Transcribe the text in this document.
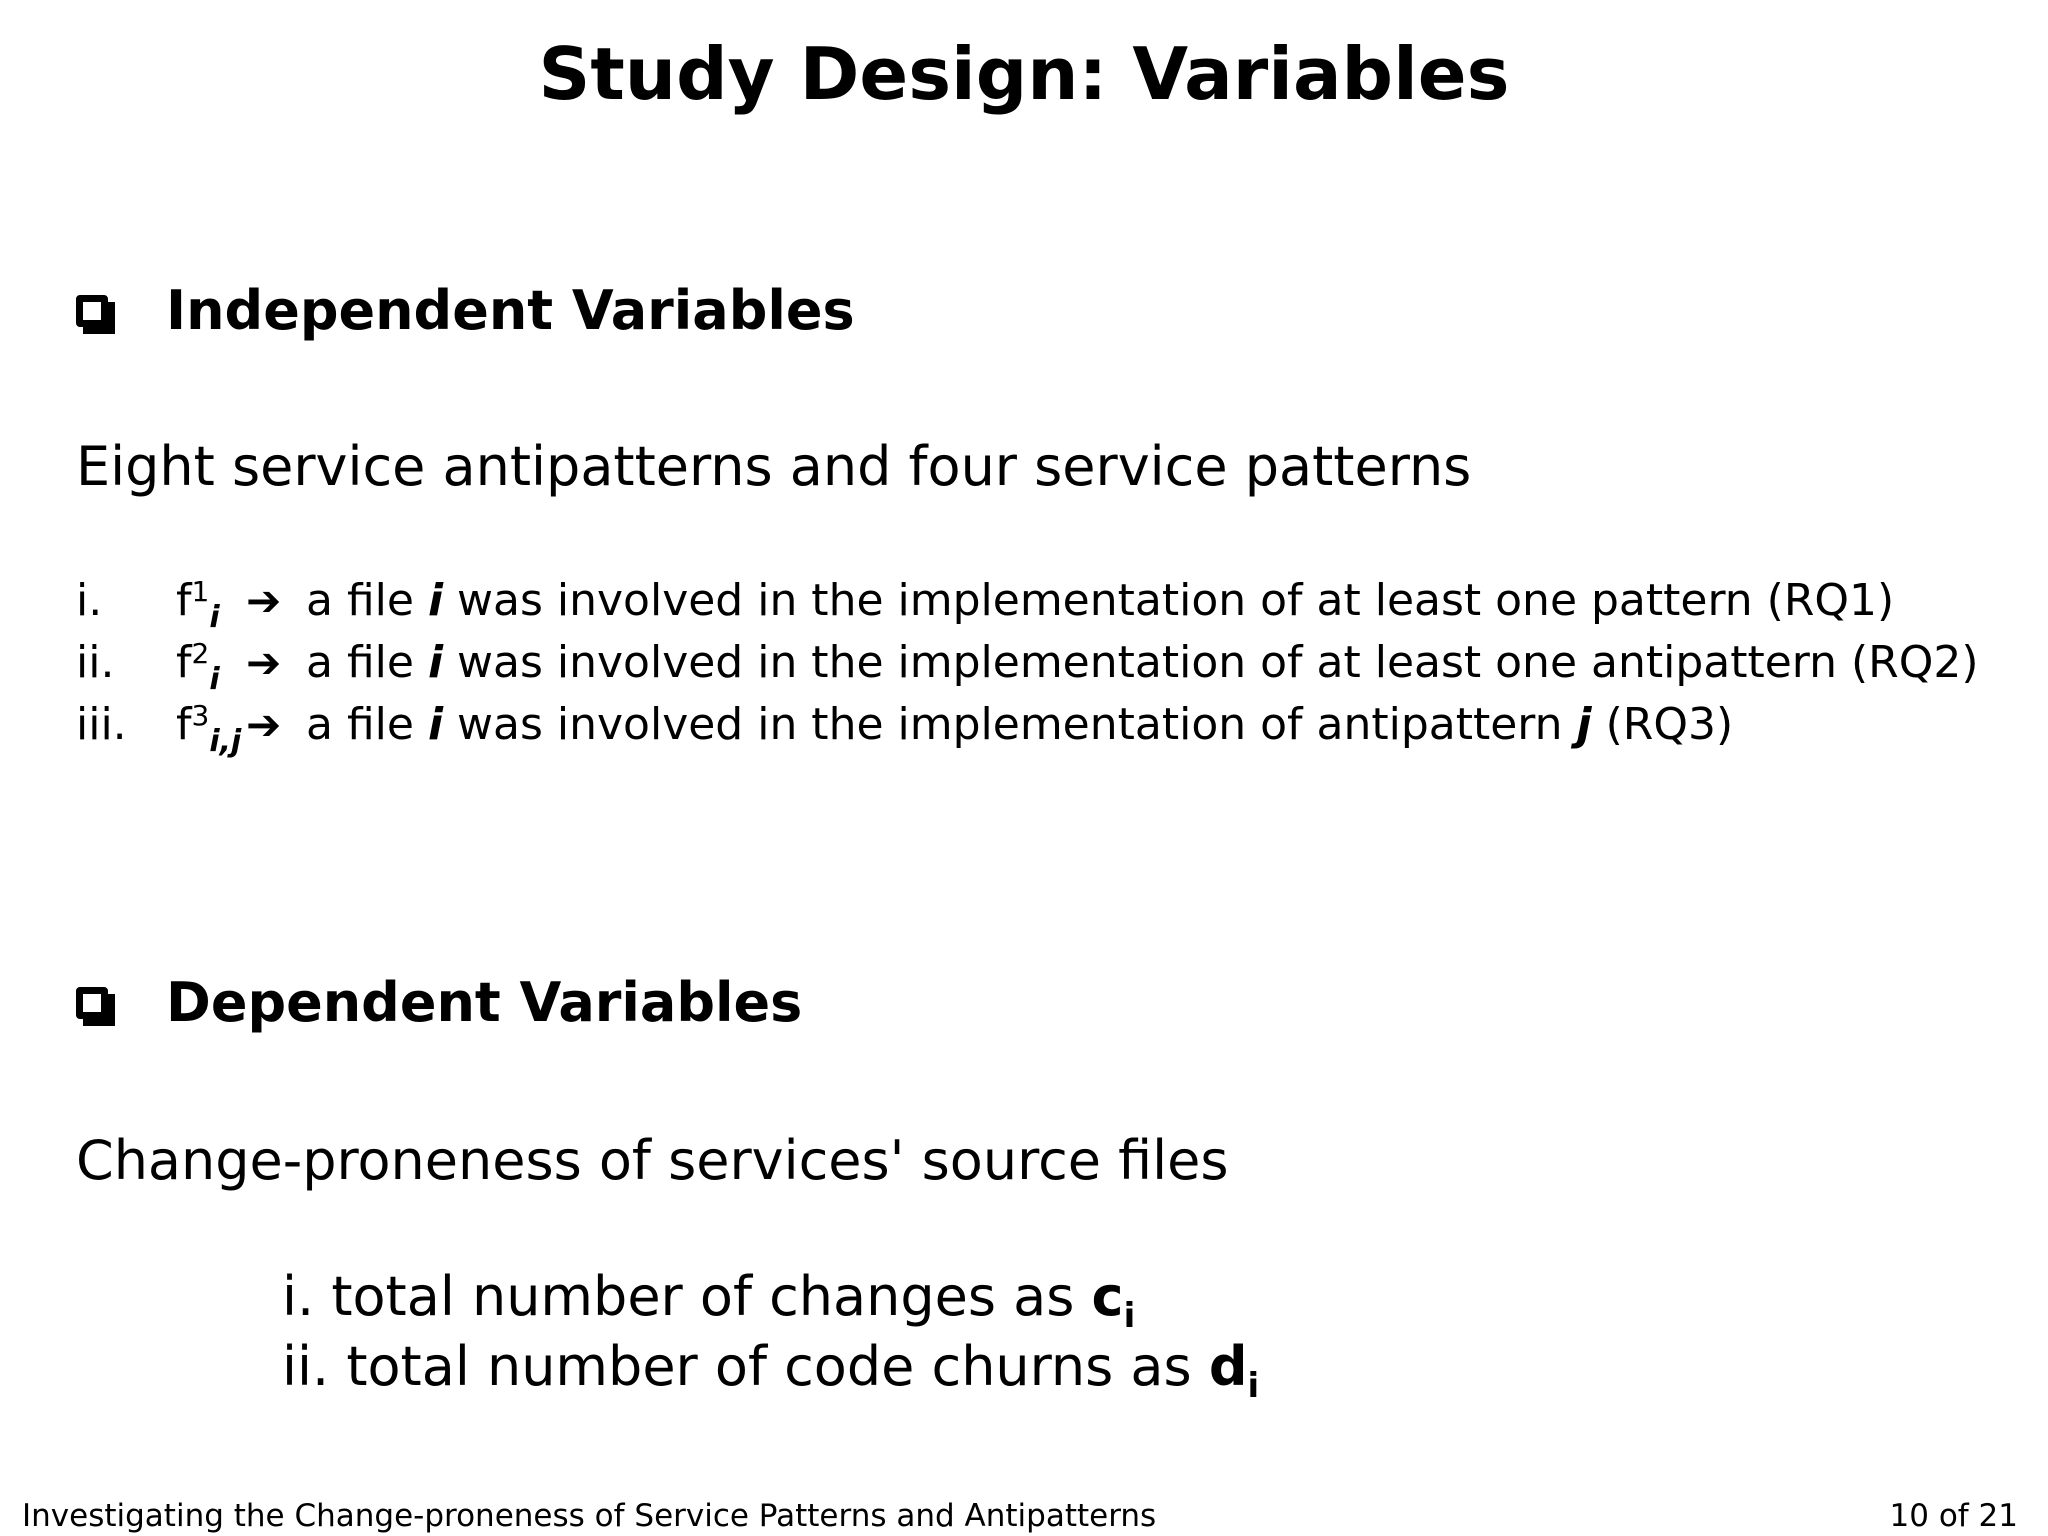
Study Design: Variables
Independent Variables
Eight service antipatterns and four service patterns
i. $f^1_i$ ➔ a file i was involved in the implementation of at least one pattern (RQ1)
ii. $f^2_i$ ➔ a file i was involved in the implementation of at least one antipattern (RQ2)
iii. $f^3_{i,j}$ ➔ a file i was involved in the implementation of antipattern j (RQ3)
Dependent Variables
Change-proneness of services' source files
i. total number of changes as $c_i$
ii. total number of code churns as $d_i$
Investigating the Change-proneness of Service Patterns and Antipatterns	10 of 21
